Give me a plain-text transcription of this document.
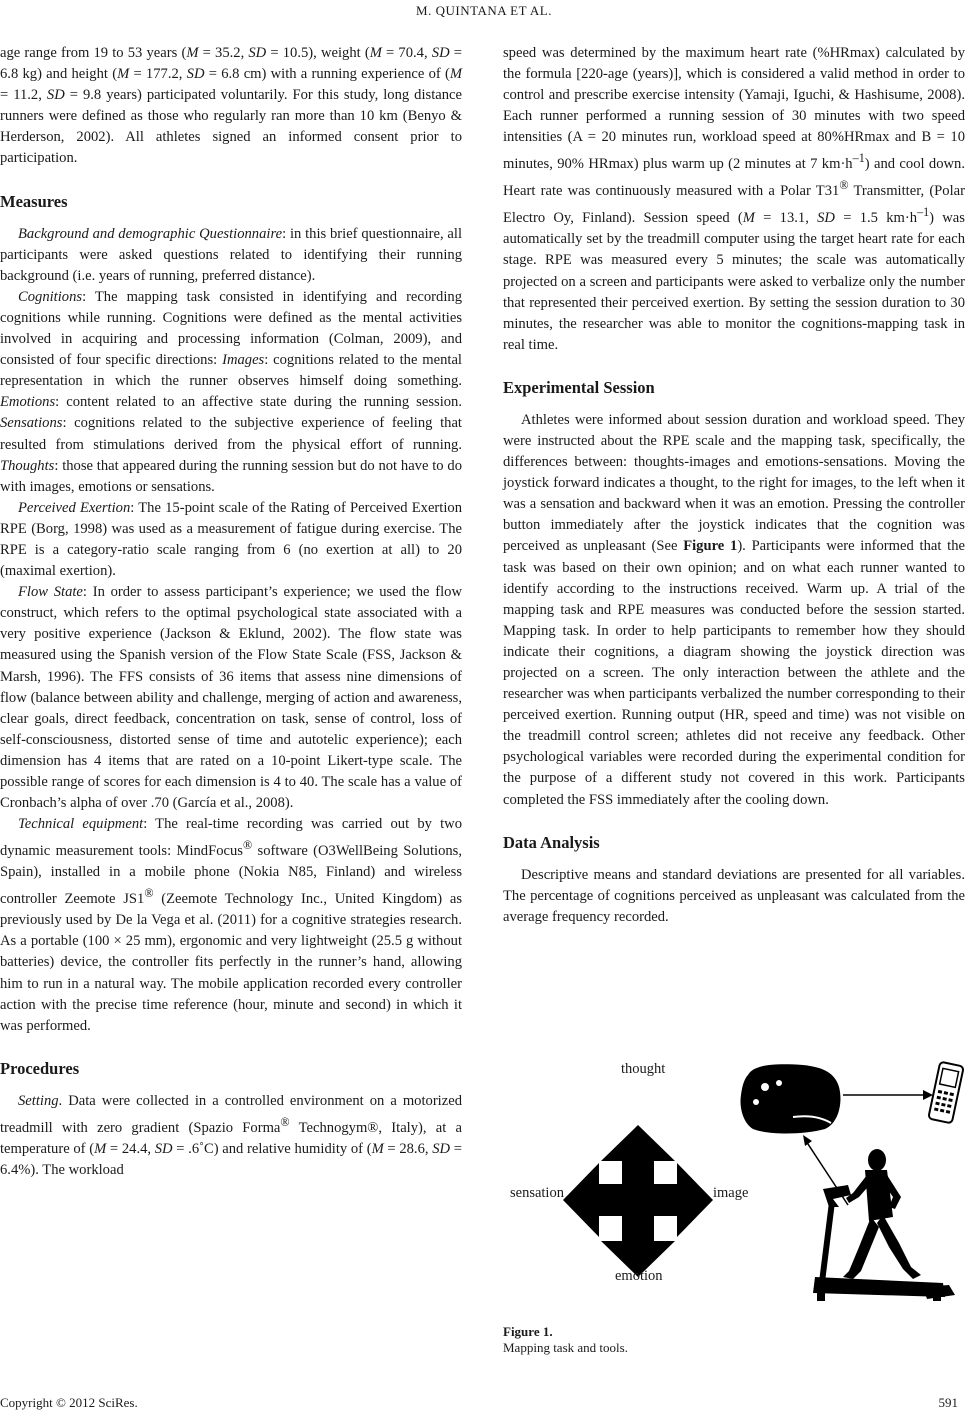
M. QUINTANA ET AL.

age range from 19 to 53 years (M = 35.2, SD = 10.5), weight (M = 70.4, SD = 6.8 kg) and height (M = 177.2, SD = 6.8 cm) with a running experience of (M = 11.2, SD = 9.8 years) participated voluntarily. For this study, long distance runners were defined as those who regularly ran more than 10 km (Benyo & Herderson, 2002). All athletes signed an informed consent prior to participation.

Measures

Background and demographic Questionnaire: in this brief questionnaire, all participants were asked questions related to identifying their running background (i.e. years of running, preferred distance).

Cognitions: The mapping task consisted in identifying and recording cognitions while running. Cognitions were defined as the mental activities involved in acquiring and processing information (Colman, 2009), and consisted of four specific directions: Images: cognitions related to the mental representation in which the runner observes himself doing something. Emotions: content related to an affective state during the running session. Sensations: cognitions related to the subjective experience of feeling that resulted from stimulations derived from the physical effort of running. Thoughts: those that appeared during the running session but do not have to do with images, emotions or sensations.

Perceived Exertion: The 15-point scale of the Rating of Perceived Exertion RPE (Borg, 1998) was used as a measurement of fatigue during exercise. The RPE is a category-ratio scale ranging from 6 (no exertion at all) to 20 (maximal exertion).

Flow State: In order to assess participant’s experience; we used the flow construct, which refers to the optimal psychological state associated with a very positive experience (Jackson & Eklund, 2002). The flow state was measured using the Spanish version of the Flow State Scale (FSS, Jackson & Marsh, 1996). The FFS consists of 36 items that assess nine dimensions of flow (balance between ability and challenge, merging of action and awareness, clear goals, direct feedback, concentration on task, sense of control, loss of self-consciousness, distorted sense of time and autotelic experience); each dimension has 4 items that are rated on a 10-point Likert-type scale. The possible range of scores for each dimension is 4 to 40. The scale has a value of Cronbach’s alpha of over .70 (García et al., 2008).

Technical equipment: The real-time recording was carried out by two dynamic measurement tools: MindFocus® software (O3WellBeing Solutions, Spain), installed in a mobile phone (Nokia N85, Finland) and wireless controller Zeemote JS1® (Zeemote Technology Inc., United Kingdom) as previously used by De la Vega et al. (2011) for a cognitive strategies research. As a portable (100 × 25 mm), ergonomic and very lightweight (25.5 g without batteries) device, the controller fits perfectly in the runner’s hand, allowing him to run in a natural way. The mobile application recorded every controller action with the precise time reference (hour, minute and second) in which it was performed.

Procedures

Setting. Data were collected in a controlled environment on a motorized treadmill with zero gradient (Spazio Forma® Technogym®, Italy), at a temperature of (M = 24.4, SD = .6˚C) and relative humidity of (M = 28.6, SD = 6.4%). The workload

speed was determined by the maximum heart rate (%HRmax) calculated by the formula [220-age (years)], which is considered a valid method in order to control and prescribe exercise intensity (Yamaji, Iguchi, & Hashisume, 2008). Each runner performed a running session of 30 minutes with two speed intensities (A = 20 minutes run, workload speed at 80%HRmax and B = 10 minutes, 90% HRmax) plus warm up (2 minutes at 7 $km\cdot h^{-1}$) and cool down. Heart rate was continuously measured with a Polar T31® Transmitter, (Polar Electro Oy, Finland). Session speed (M = 13.1, SD = 1.5 $km\cdot h^{-1}$) was automatically set by the treadmill computer using the target heart rate for each stage. RPE was measured every 5 minutes; the scale was automatically projected on a screen and participants were asked to verbalize only the number that represented their perceived exertion. By setting the session duration to 30 minutes, the researcher was able to monitor the cognitions-mapping task in real time.

Experimental Session

Athletes were informed about session duration and workload speed. They were instructed about the RPE scale and the mapping task, specifically, the differences between: thoughts-images and emotions-sensations. Moving the joystick forward indicates a thought, to the right for images, to the left when it was a sensation and backward when it was an emotion. Pressing the controller button immediately after the joystick indicates that the cognition was perceived as unpleasant (See Figure 1). Participants were informed that the task was based on their own opinion; and on what each runner wanted to identify according to the instructions received. Warm up. A trial of the mapping task and RPE measures was conducted before the session started. Mapping task. In order to help participants to remember how they should indicate their cognitions, a diagram showing the joystick direction was projected on a screen. The only interaction between the athlete and the researcher was when participants verbalized the number corresponding to their perceived exertion. Running output (HR, speed and time) was not visible on the treadmill control screen; athletes did not receive any feedback. Other psychological variables were recorded during the experimental condition for the purpose of a different study not covered in this work. Participants completed the FSS immediately after the cooling down.

Data Analysis

Descriptive means and standard deviations are presented for all variables. The percentage of cognitions perceived as unpleasant was calculated from the average frequency recorded.

thought
sensation	image
emotion
Figure 1.
Mapping task and tools.
Copyright © 2012 SciRes.	591
